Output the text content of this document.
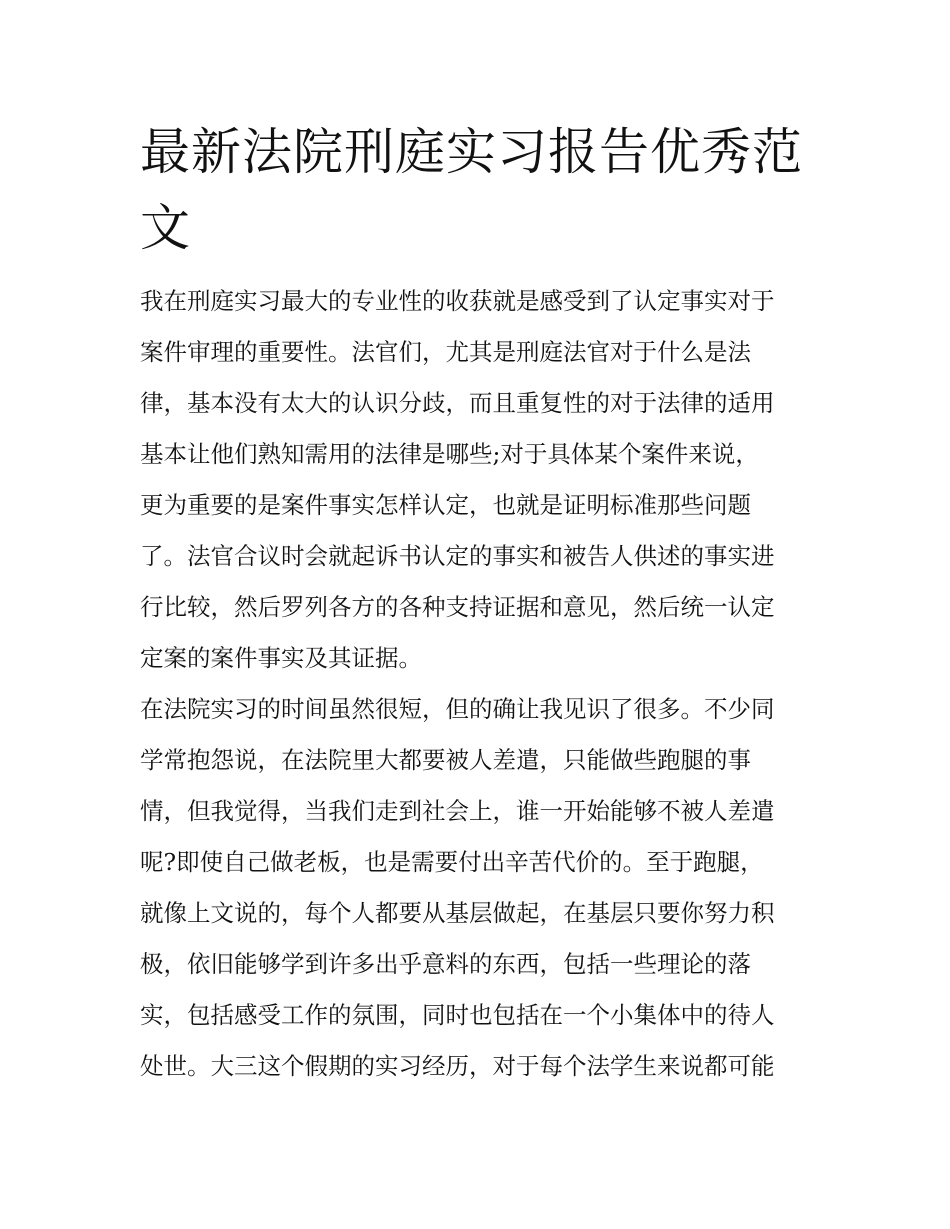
最新法院刑庭实习报告优秀范
文
我在刑庭实习最大的专业性的收获就是感受到了认定事实对于
案件审理的重要性。法官们，尤其是刑庭法官对于什么是法
律，基本没有太大的认识分歧，而且重复性的对于法律的适用
基本让他们熟知需用的法律是哪些;对于具体某个案件来说，
更为重要的是案件事实怎样认定，也就是证明标准那些问题
了。法官合议时会就起诉书认定的事实和被告人供述的事实进
行比较，然后罗列各方的各种支持证据和意见，然后统一认定
定案的案件事实及其证据。
在法院实习的时间虽然很短，但的确让我见识了很多。不少同
学常抱怨说，在法院里大都要被人差遣，只能做些跑腿的事
情，但我觉得，当我们走到社会上，谁一开始能够不被人差遣
呢?即使自己做老板，也是需要付出辛苦代价的。至于跑腿，
就像上文说的，每个人都要从基层做起，在基层只要你努力积
极，依旧能够学到许多出乎意料的东西，包括一些理论的落
实，包括感受工作的氛围，同时也包括在一个小集体中的待人
处世。大三这个假期的实习经历，对于每个法学生来说都可能
